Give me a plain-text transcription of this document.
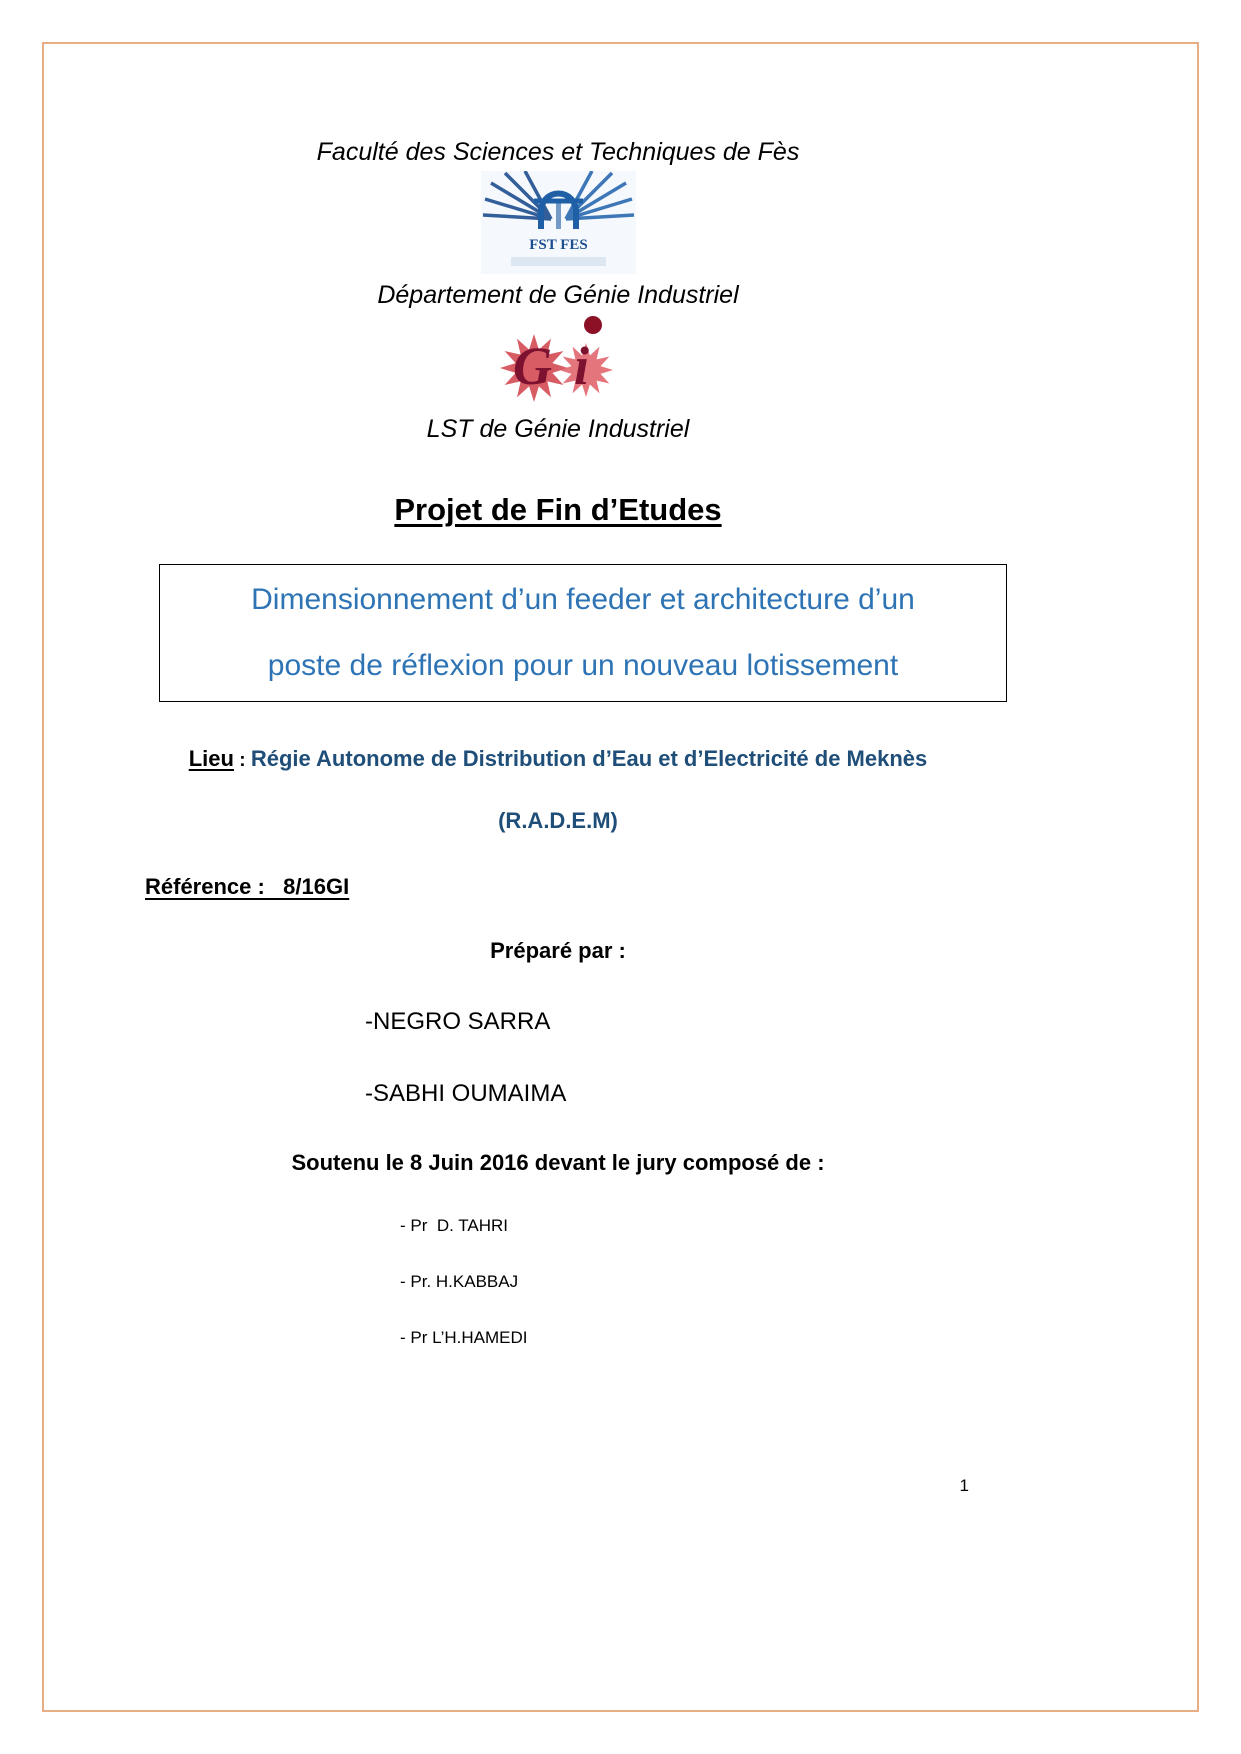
Faculté des Sciences et Techniques de Fès
FST FES
Département de Génie Industriel
G i
LST de Génie Industriel
Projet de Fin d’Etudes
Dimensionnement d’un feeder et architecture d’un
poste de réflexion pour un nouveau lotissement
Lieu : Régie Autonome de Distribution d’Eau et d’Electricité de Meknès
(R.A.D.E.M)
Référence :   8/16GI
Préparé par :
-NEGRO SARRA
-SABHI OUMAIMA
Soutenu le 8 Juin 2016 devant le jury composé de :
- Pr  D. TAHRI
- Pr. H.KABBAJ
- Pr L’H.HAMEDI
1
